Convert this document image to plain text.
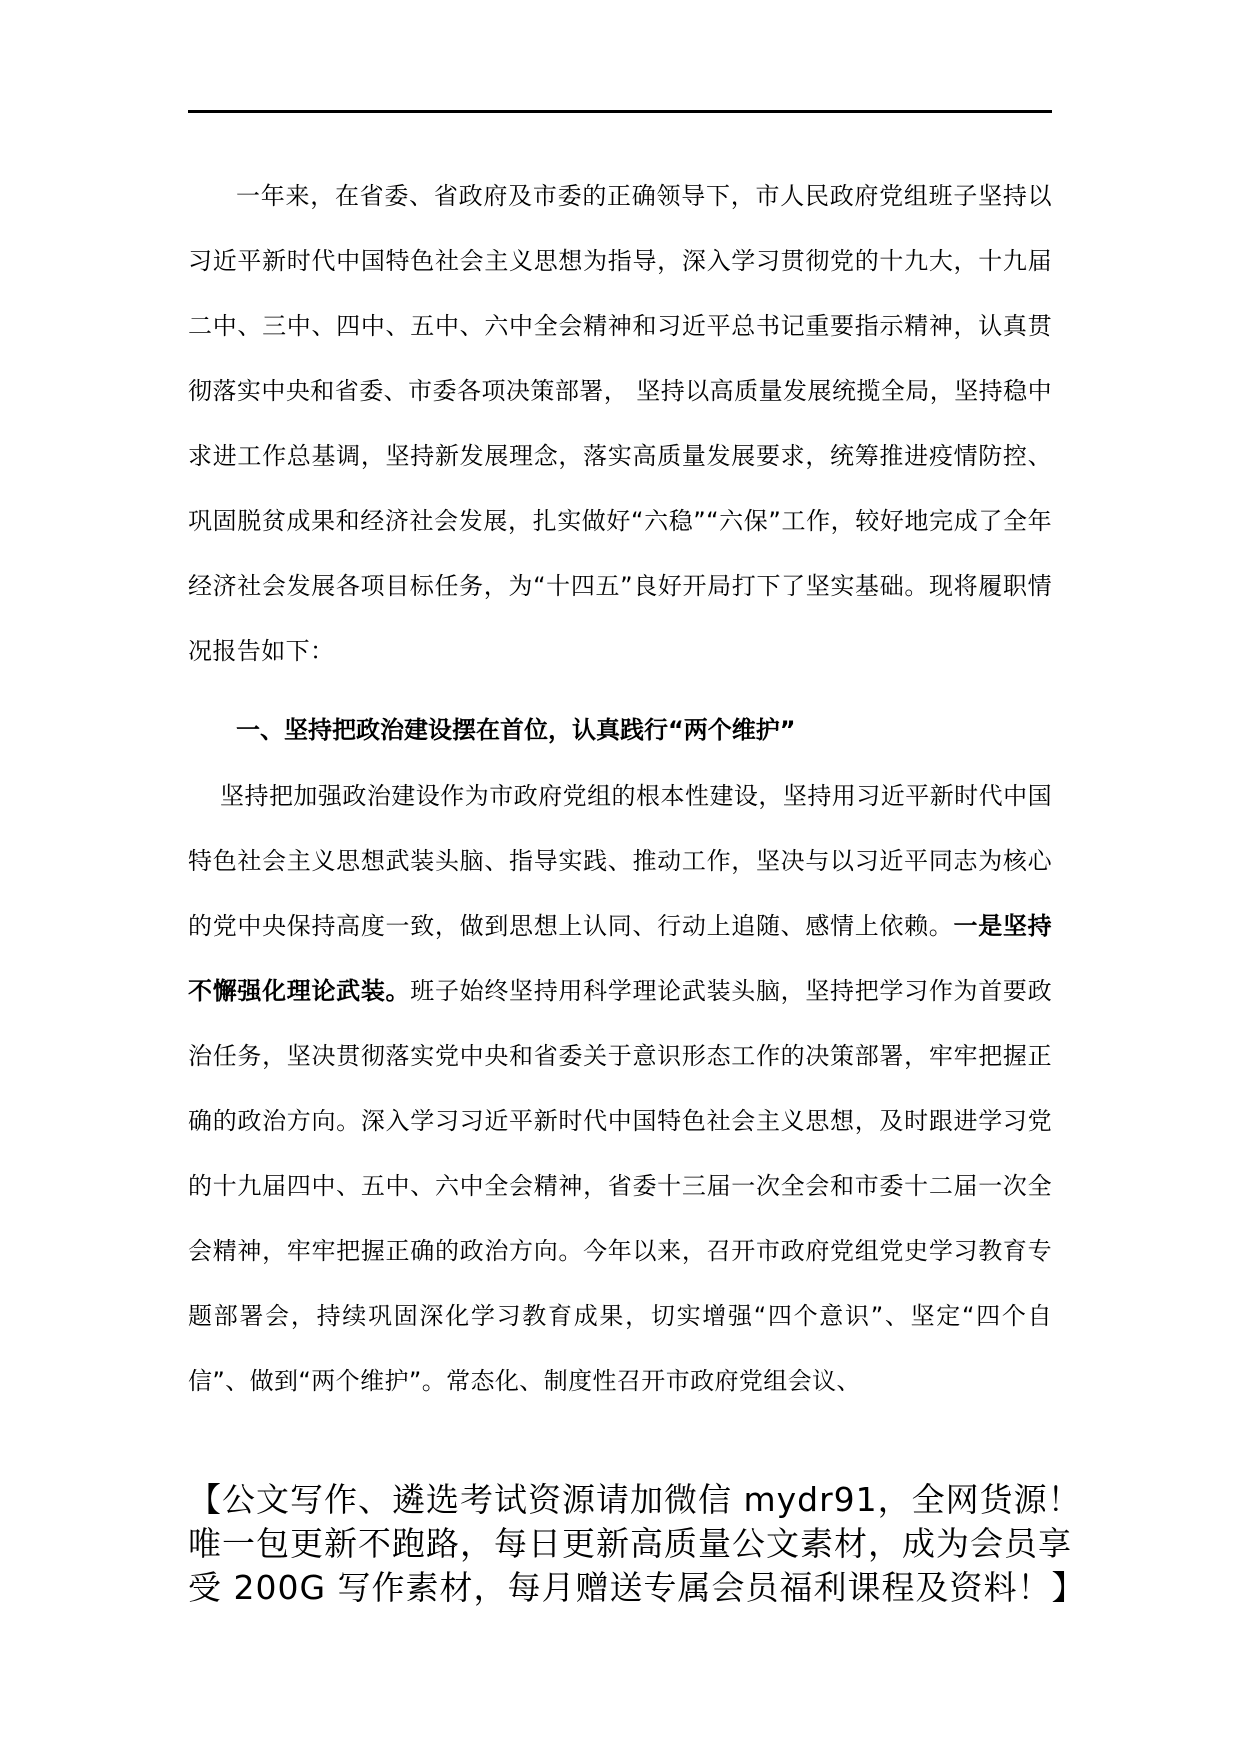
一年来，在省委、省政府及市委的正确领导下，市人民政府党组班子坚持以习近平新时代中国特色社会主义思想为指导，深入学习贯彻党的十九大，十九届二中、三中、四中、五中、六中全会精神和习近平总书记重要指示精神，认真贯彻落实中央和省委、市委各项决策部署， 坚持以高质量发展统揽全局，坚持稳中求进工作总基调，坚持新发展理念，落实高质量发展要求，统筹推进疫情防控、巩固脱贫成果和经济社会发展，扎实做好“六稳”“六保”工作，较好地完成了全年经济社会发展各项目标任务，为“十四五”良好开局打下了坚实基础。现将履职情况报告如下：

一、坚持把政治建设摆在首位，认真践行“两个维护”

坚持把加强政治建设作为市政府党组的根本性建设，坚持用习近平新时代中国特色社会主义思想武装头脑、指导实践、推动工作，坚决与以习近平同志为核心的党中央保持高度一致，做到思想上认同、行动上追随、感情上依赖。一是坚持不懈强化理论武装。班子始终坚持用科学理论武装头脑，坚持把学习作为首要政治任务，坚决贯彻落实党中央和省委关于意识形态工作的决策部署，牢牢把握正确的政治方向。深入学习习近平新时代中国特色社会主义思想，及时跟进学习党的十九届四中、五中、六中全会精神，省委十三届一次全会和市委十二届一次全会精神，牢牢把握正确的政治方向。今年以来，召开市政府党组党史学习教育专题部署会，持续巩固深化学习教育成果，切实增强“四个意识”、坚定“四个自信”、做到“两个维护”。常态化、制度性召开市政府党组会议、

【公文写作、遴选考试资源请加微信 mydr91，全网货源！唯一包更新不跑路，每日更新高质量公文素材，成为会员享受 200G 写作素材，每月赠送专属会员福利课程及资料！】
